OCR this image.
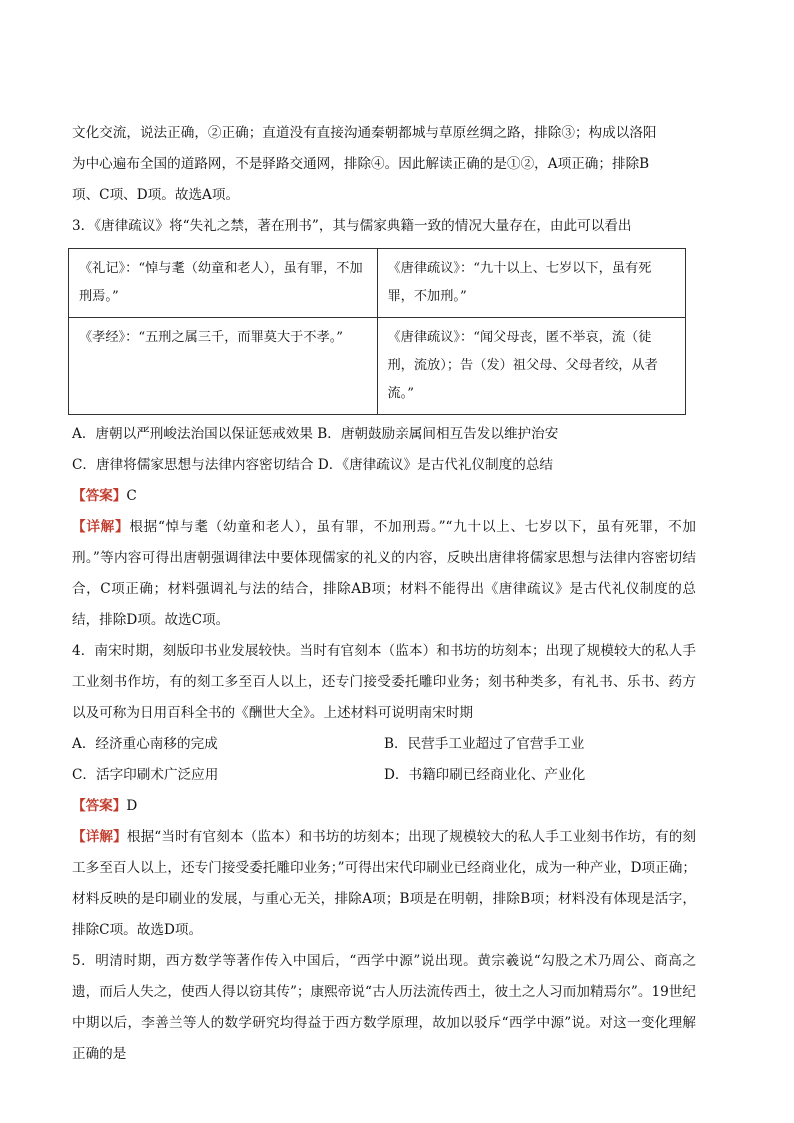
文化交流，说法正确，②正确；直道没有直接沟通秦朝都城与草原丝绸之路，排除③；构成以洛阳

为中心遍布全国的道路网，不是驿路交通网，排除④。因此解读正确的是①②，A项正确；排除B

项、C项、D项。故选A项。

3．《唐律疏议》将“失礼之禁，著在刑书”，其与儒家典籍一致的情况大量存在，由此可以看出

《礼记》：“悼与耄（幼童和老人），虽有罪，不加刑焉。”	《唐律疏议》：“九十以上、七岁以下，虽有死罪，不加刑。”
《孝经》：“五刑之属三千，而罪莫大于不孝。”	《唐律疏议》：“闻父母丧，匿不举哀，流（徒刑，流放）；告（发）祖父母、父母者绞，从者流。”

A．唐朝以严刑峻法治国以保证惩戒效果 B．唐朝鼓励亲属间相互告发以维护治安

C．唐律将儒家思想与法律内容密切结合 D．《唐律疏议》是古代礼仪制度的总结

【答案】C

【详解】根据“悼与耄（幼童和老人），虽有罪，不加刑焉。”“九十以上、七岁以下，虽有死罪，不加刑。”等内容可得出唐朝强调律法中要体现儒家的礼义的内容，反映出唐律将儒家思想与法律内容密切结合，C项正确；材料强调礼与法的结合，排除AB项；材料不能得出《唐律疏议》是古代礼仪制度的总结，排除D项。故选C项。

4．南宋时期，刻版印书业发展较快。当时有官刻本（监本）和书坊的坊刻本；出现了规模较大的私人手工业刻书作坊，有的刻工多至百人以上，还专门接受委托雕印业务；刻书种类多，有礼书、乐书、药方以及可称为日用百科全书的《酬世大全》。上述材料可说明南宋时期

A．经济重心南移的完成	B．民营手工业超过了官营手工业
C．活字印刷术广泛应用	D．书籍印刷已经商业化、产业化

【答案】D

【详解】根据“当时有官刻本（监本）和书坊的坊刻本；出现了规模较大的私人手工业刻书作坊，有的刻工多至百人以上，还专门接受委托雕印业务；”可得出宋代印刷业已经商业化，成为一种产业，D项正确；材料反映的是印刷业的发展，与重心无关，排除A项；B项是在明朝，排除B项；材料没有体现是活字，排除C项。故选D项。

5．明清时期，西方数学等著作传入中国后，“西学中源”说出现。黄宗羲说“勾股之术乃周公、商高之遗，而后人失之，使西人得以窃其传”；康熙帝说“古人历法流传西土，彼土之人习而加精焉尔”。19世纪中期以后，李善兰等人的数学研究均得益于西方数学原理，故加以驳斥“西学中源”说。对这一变化理解正确的是
